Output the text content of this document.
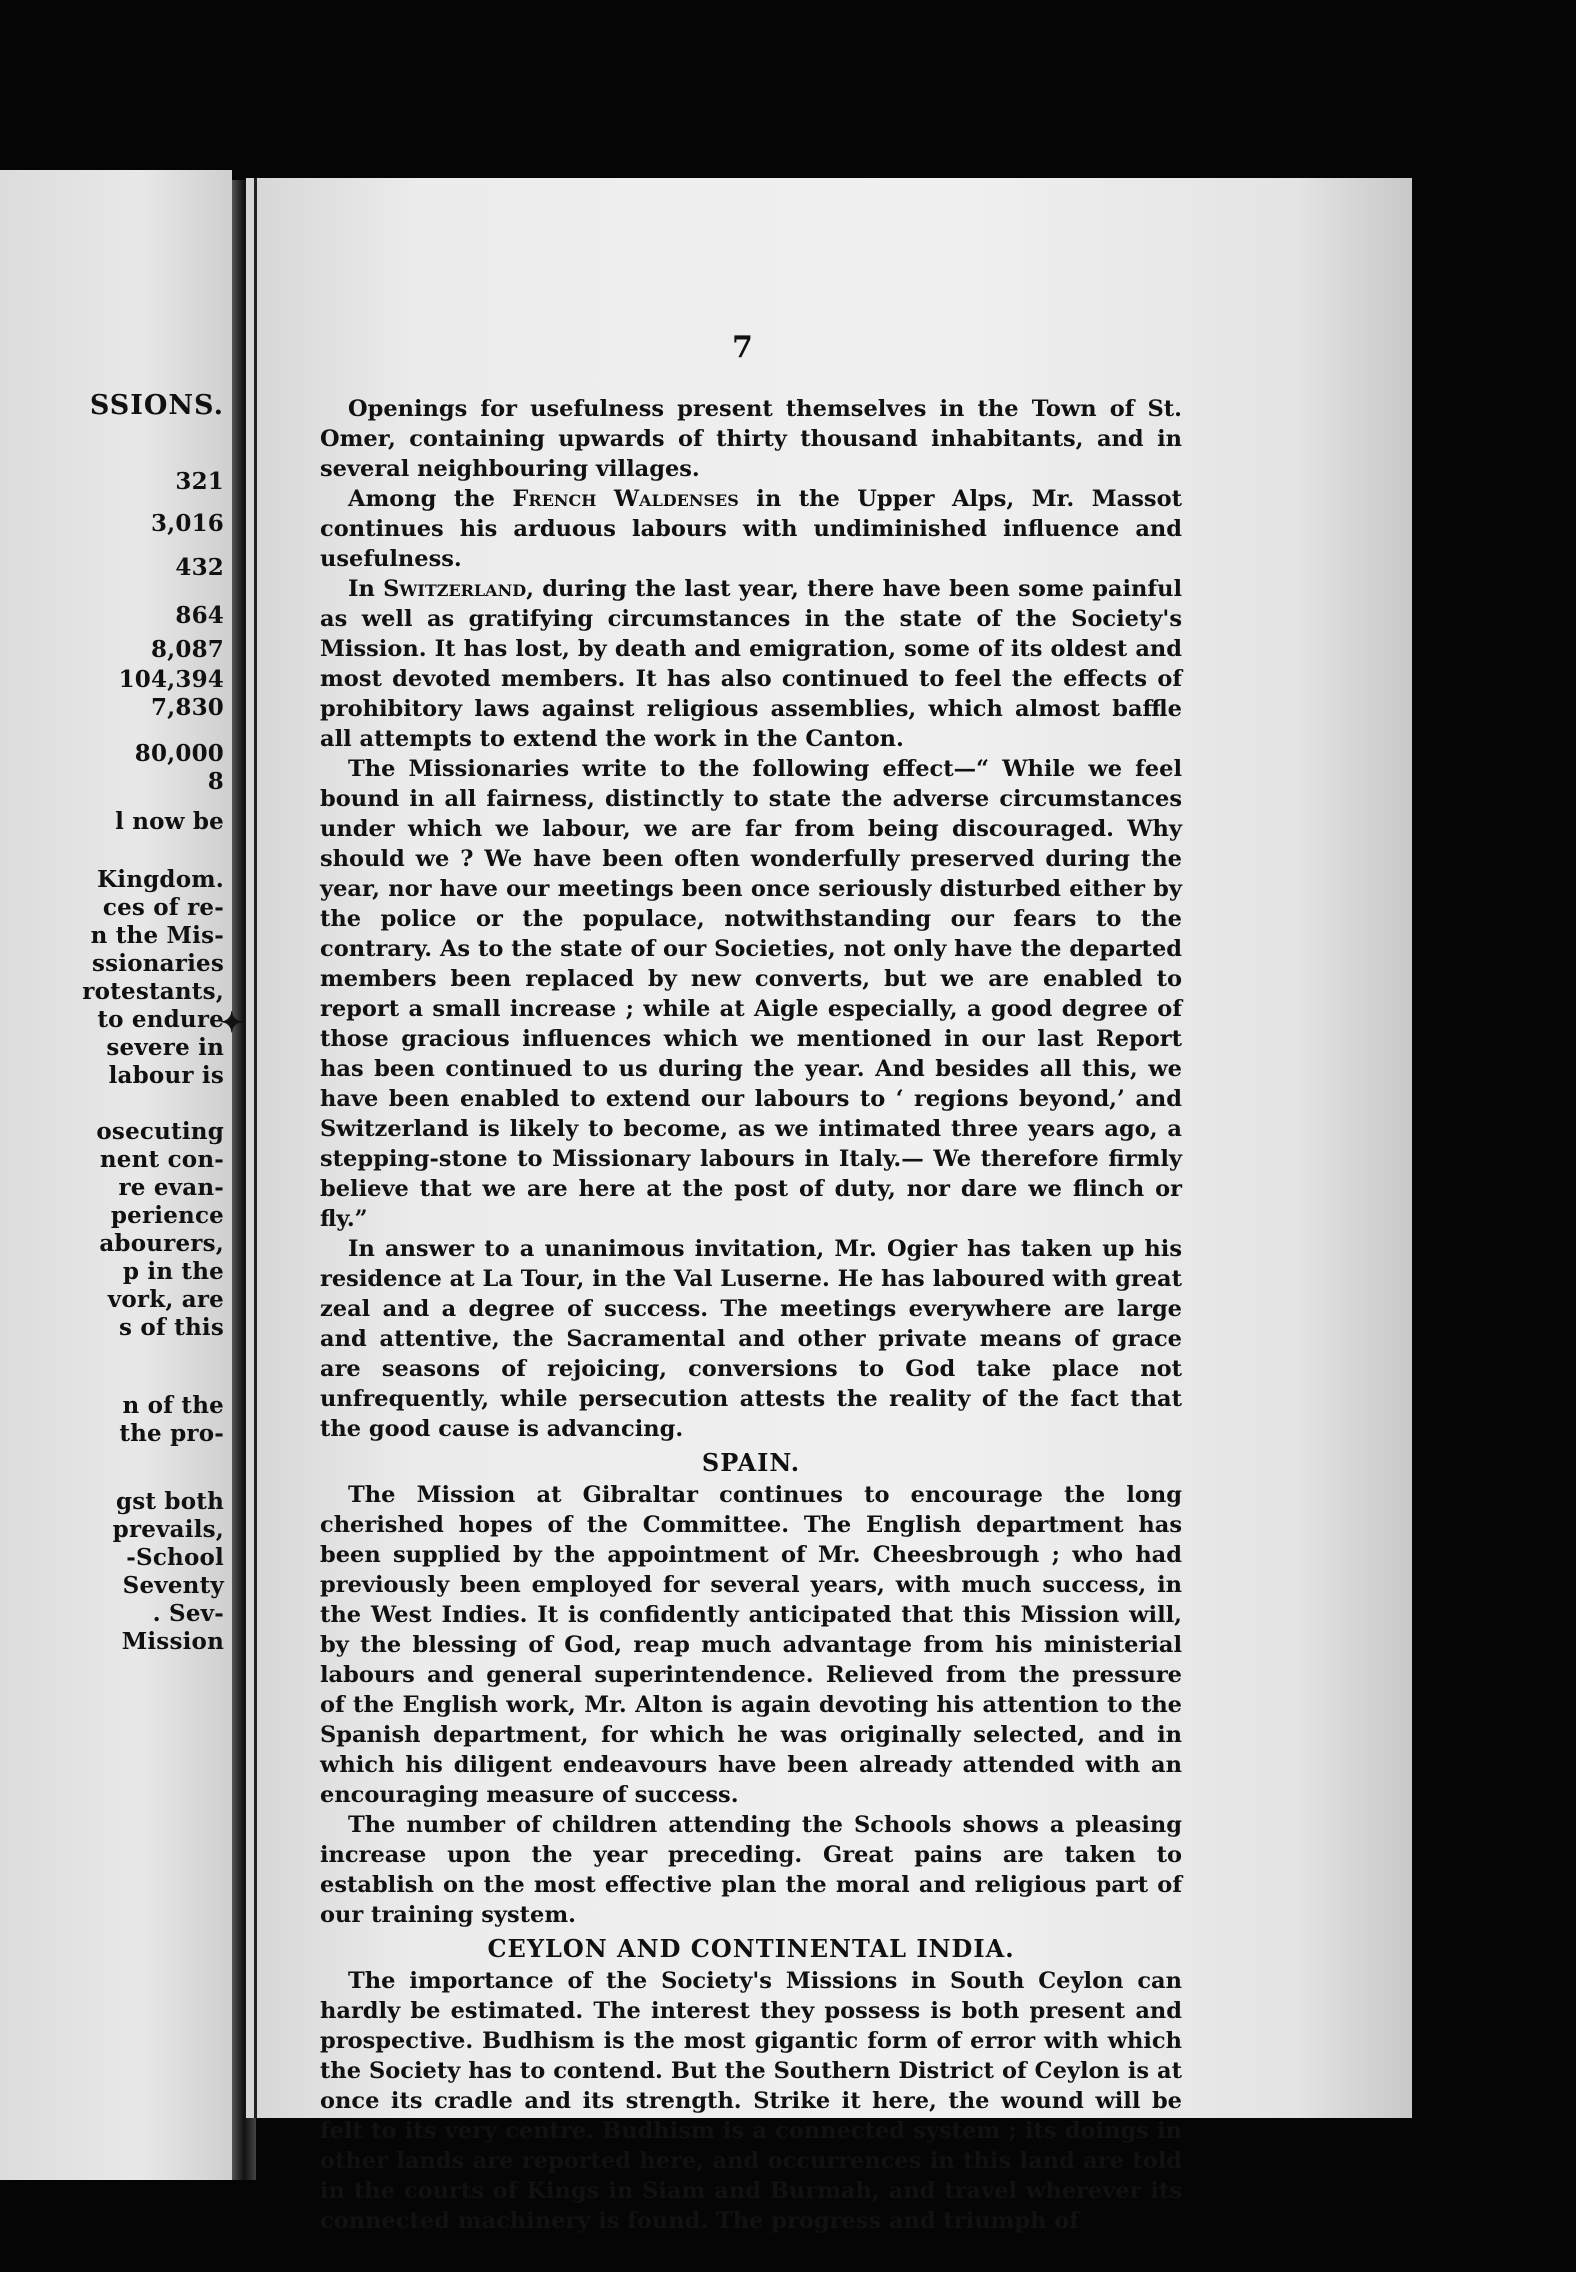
SSIONS.
321
3,016
432
864
8,087
104,394
7,830
80,000
8
l now be
Kingdom.
ces of re-
n the Mis-
ssionaries
rotestants,
to endure
severe in
labour is
osecuting
nent con-
re evan-
perience
abourers,
p in the
vork, are
s of this
n of the
the pro-
gst both
prevails,
-School
Seventy
. Sev-
Mission
7

Openings for usefulness present themselves in the Town of St. Omer, containing upwards of thirty thousand inhabitants, and in several neighbouring villages.

Among the French Waldenses in the Upper Alps, Mr. Massot continues his arduous labours with undiminished influence and usefulness.

In Switzerland, during the last year, there have been some painful as well as gratifying circumstances in the state of the Society's Mission. It has lost, by death and emigration, some of its oldest and most devoted members. It has also continued to feel the effects of prohibitory laws against religious assemblies, which almost baffle all attempts to extend the work in the Canton.

The Missionaries write to the following effect—“ While we feel bound in all fairness, distinctly to state the adverse circumstances under which we labour, we are far from being discouraged. Why should we ? We have been often wonderfully preserved during the year, nor have our meetings been once seriously disturbed either by the police or the populace, notwithstanding our fears to the contrary. As to the state of our Societies, not only have the departed members been replaced by new converts, but we are enabled to report a small increase ; while at Aigle especially, a good degree of those gracious influences which we mentioned in our last Report has been continued to us during the year. And besides all this, we have been enabled to extend our labours to ‘ regions beyond,’ and Switzerland is likely to become, as we intimated three years ago, a stepping-stone to Missionary labours in Italy.— We therefore firmly believe that we are here at the post of duty, nor dare we flinch or fly.”

In answer to a unanimous invitation, Mr. Ogier has taken up his residence at La Tour, in the Val Luserne. He has laboured with great zeal and a degree of success. The meetings everywhere are large and attentive, the Sacramental and other private means of grace are seasons of rejoicing, conversions to God take place not unfrequently, while persecution attests the reality of the fact that the good cause is advancing.

SPAIN.

The Mission at Gibraltar continues to encourage the long cherished hopes of the Committee. The English department has been supplied by the appointment of Mr. Cheesbrough ; who had previously been employed for several years, with much success, in the West Indies. It is confidently anticipated that this Mission will, by the blessing of God, reap much advantage from his ministerial labours and general superintendence. Relieved from the pressure of the English work, Mr. Alton is again devoting his attention to the Spanish department, for which he was originally selected, and in which his diligent endeavours have been already attended with an encouraging measure of success.

The number of children attending the Schools shows a pleasing increase upon the year preceding. Great pains are taken to establish on the most effective plan the moral and religious part of our training system.

CEYLON AND CONTINENTAL INDIA.

The importance of the Society's Missions in South Ceylon can hardly be estimated. The interest they possess is both present and prospective. Budhism is the most gigantic form of error with which the Society has to contend. But the Southern District of Ceylon is at once its cradle and its strength. Strike it here, the wound will be felt to its very centre. Budhism is a connected system ; its doings in other lands are reported here, and occurrences in this land are told in the courts of Kings in Siam and Burmah, and travel wherever its connected machinery is found. The progress and triumph of

✦
